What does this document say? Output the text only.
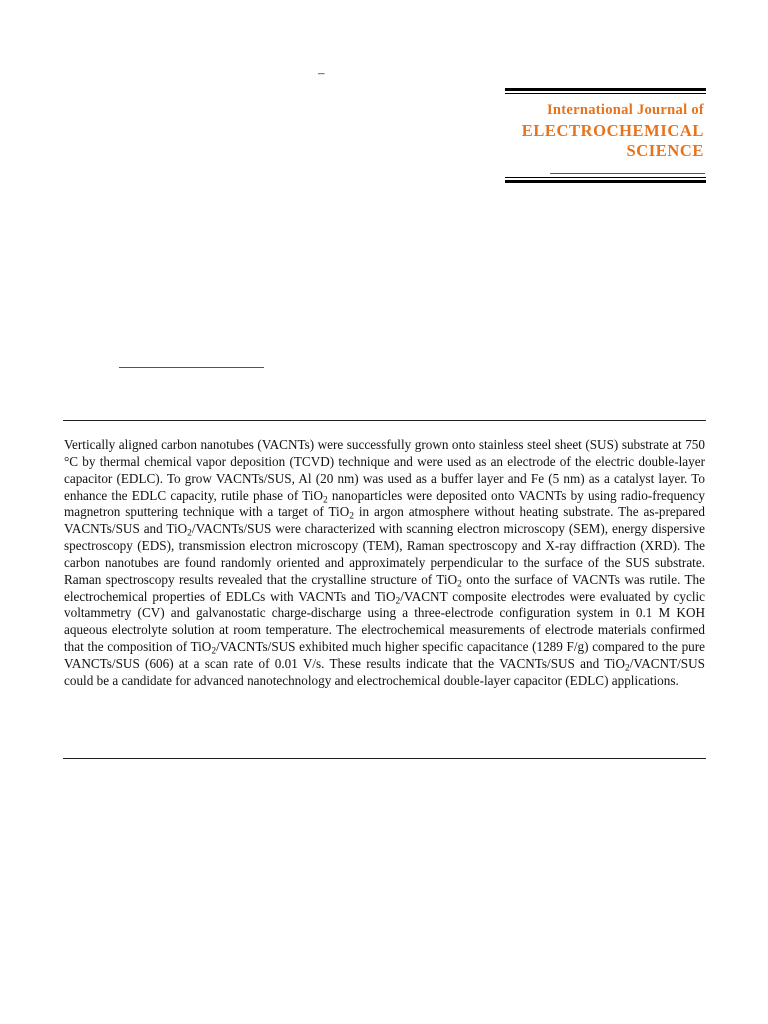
–
International Journal of
ELECTROCHEMICAL
SCIENCE

Vertically aligned carbon nanotubes (VACNTs) were successfully grown onto stainless steel sheet (SUS) substrate at 750 °C by thermal chemical vapor deposition (TCVD) technique and were used as an electrode of the electric double-layer capacitor (EDLC). To grow VACNTs/SUS, Al (20 nm) was used as a buffer layer and Fe (5 nm) as a catalyst layer. To enhance the EDLC capacity, rutile phase of TiO$_2$ nanoparticles were deposited onto VACNTs by using radio-frequency magnetron sputtering technique with a target of TiO$_2$ in argon atmosphere without heating substrate. The as-prepared VACNTs/SUS and TiO$_2$/VACNTs/SUS were characterized with scanning electron microscopy (SEM), energy dispersive spectroscopy (EDS), transmission electron microscopy (TEM), Raman spectroscopy and X-ray diffraction (XRD). The carbon nanotubes are found randomly oriented and approximately perpendicular to the surface of the SUS substrate. Raman spectroscopy results revealed that the crystalline structure of TiO$_2$ onto the surface of VACNTs was rutile. The electrochemical properties of EDLCs with VACNTs and TiO$_2$/VACNT composite electrodes were evaluated by cyclic voltammetry (CV) and galvanostatic charge-discharge using a three-electrode configuration system in 0.1 M KOH aqueous electrolyte solution at room temperature. The electrochemical measurements of electrode materials confirmed that the composition of TiO$_2$/VACNTs/SUS exhibited much higher specific capacitance (1289 F/g) compared to the pure VANCTs/SUS (606) at a scan rate of 0.01 V/s. These results indicate that the VACNTs/SUS and TiO$_2$/VACNT/SUS could be a candidate for advanced nanotechnology and electrochemical double-layer capacitor (EDLC) applications.
